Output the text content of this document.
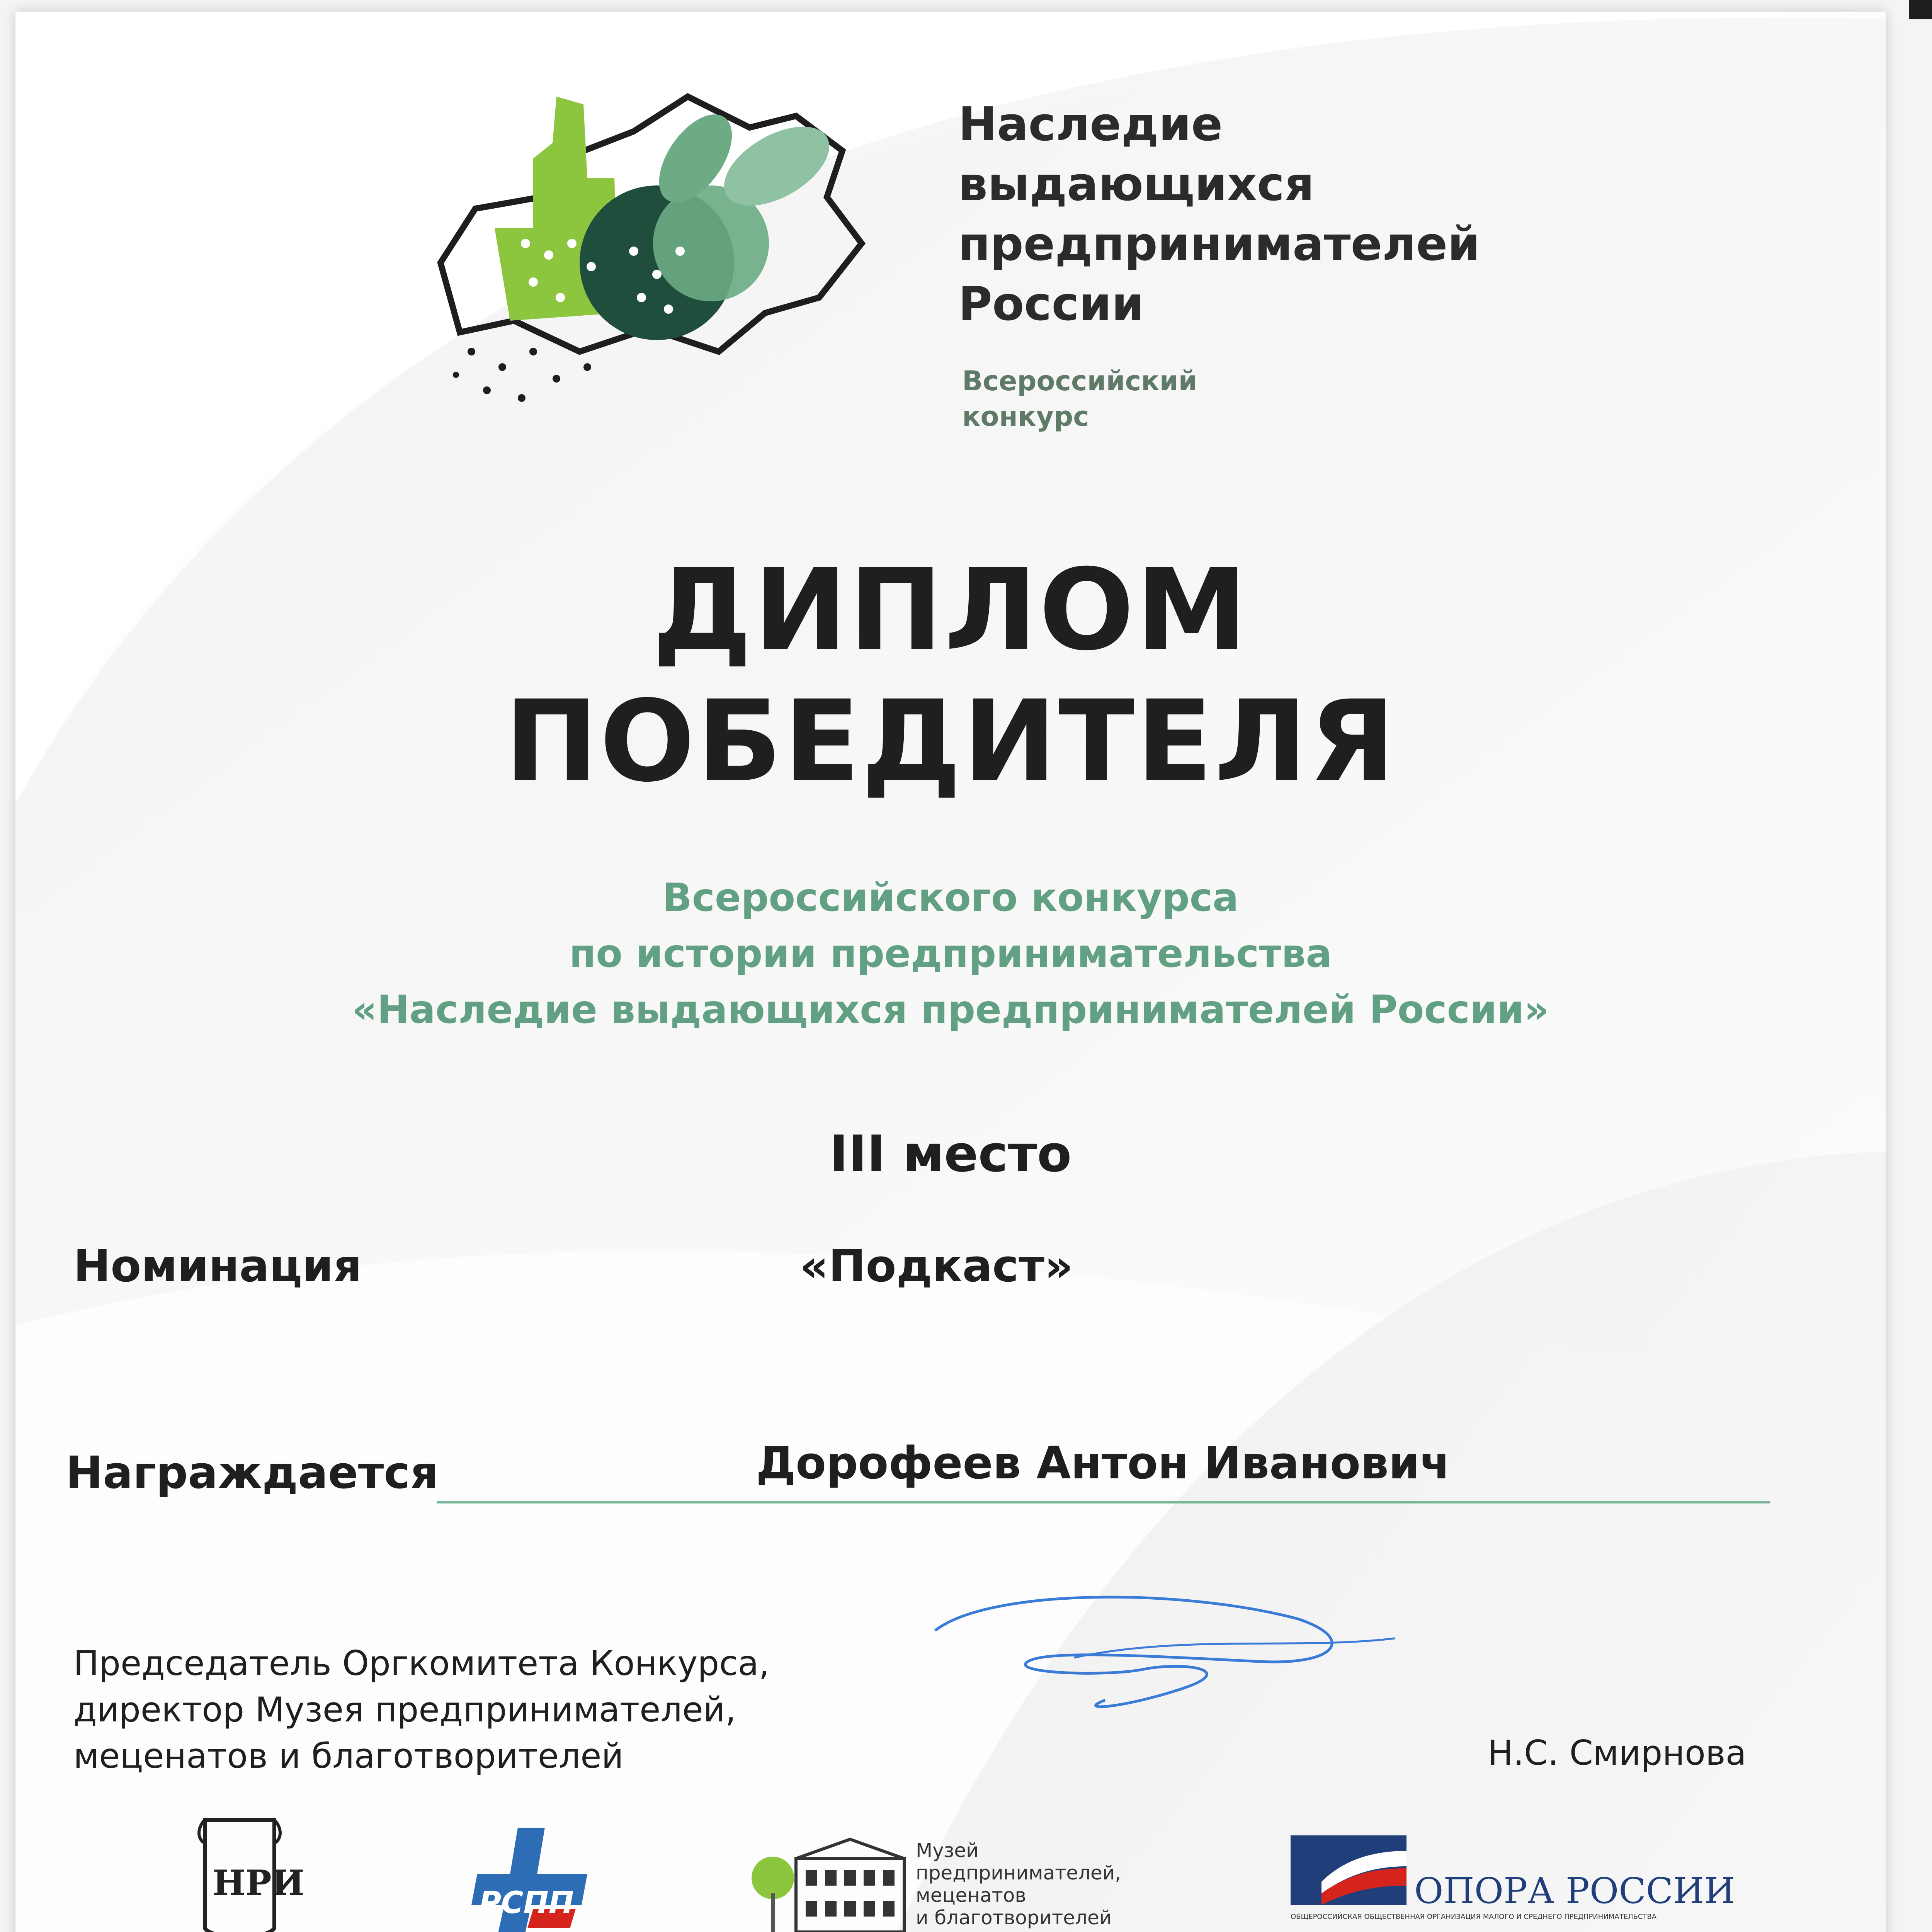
Наследие
выдающихся
предпринимателей
России
Всероссийский
конкурс
ДИПЛОМ
ПОБЕДИТЕЛЯ
Всероссийского конкурса
по истории предпринимательства
«Наследие выдающихся предпринимателей России»
III место
Номинация	«Подкаст»
Награждается	Дорофеев Антон Иванович
Председатель Оргкомитета Конкурса,
директор Музея предпринимателей,
меценатов и благотворителей	Н.С. Смирнова
НРИ	РСПП
Музей
предпринимателей,
меценатов
и благотворителей
ОПОРА РОССИИ
ОБЩЕРОССИЙСКАЯ ОБЩЕСТВЕННАЯ ОРГАНИЗАЦИЯ МАЛОГО И СРЕДНЕГО ПРЕДПРИНИМАТЕЛЬСТВА
